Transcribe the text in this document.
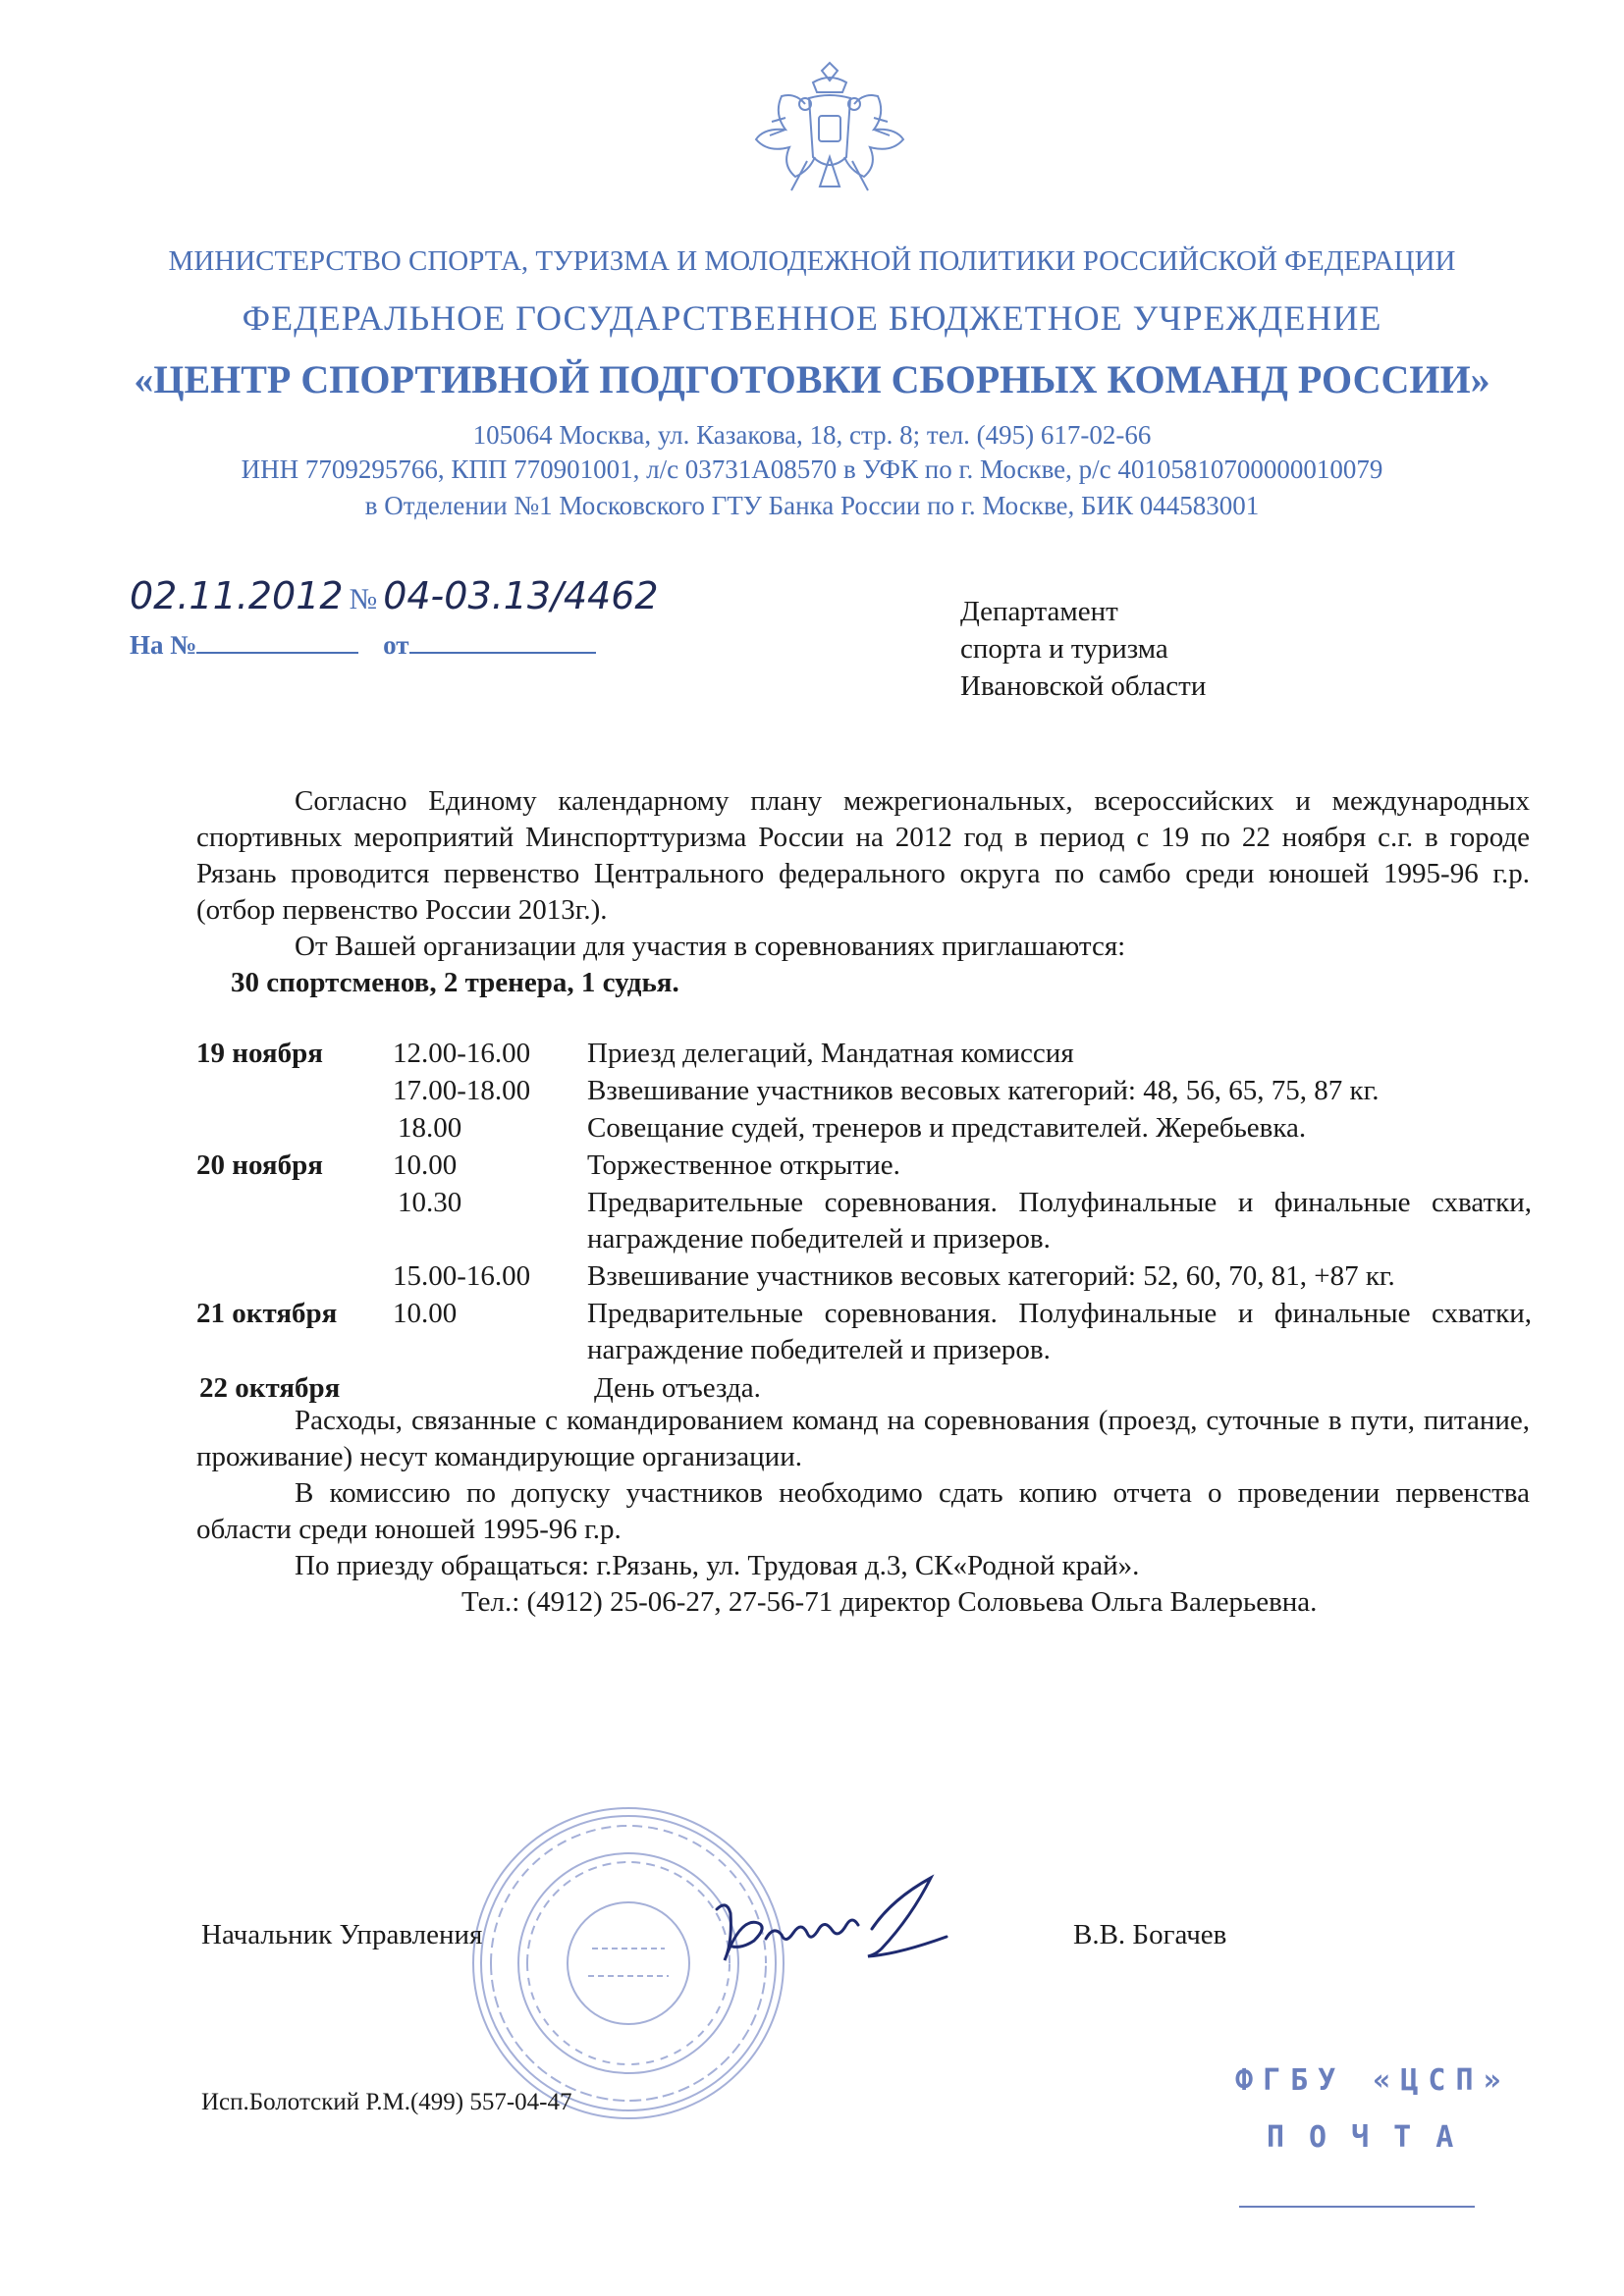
МИНИСТЕРСТВО СПОРТА, ТУРИЗМА И МОЛОДЕЖНОЙ ПОЛИТИКИ РОССИЙСКОЙ ФЕДЕРАЦИИ
ФЕДЕРАЛЬНОЕ ГОСУДАРСТВЕННОЕ БЮДЖЕТНОЕ УЧРЕЖДЕНИЕ
«ЦЕНТР СПОРТИВНОЙ ПОДГОТОВКИ СБОРНЫХ КОМАНД РОССИИ»
105064 Москва, ул. Казакова, 18, стр. 8; тел. (495) 617-02-66
ИНН 7709295766, КПП 770901001, л/с 03731А08570 в УФК по г. Москве, р/с 40105810700000010079
в Отделении №1 Московского ГТУ Банка России по г. Москве, БИК 044583001
02.11.2012 № 04-03.13/4462
На №	от
Департамент
спорта и туризма
Ивановской области

Согласно Единому календарному плану межрегиональных, всероссийских и международных спортивных мероприятий Минспорттуризма России на 2012 год в период с 19 по 22 ноября с.г. в городе Рязань проводится первенство Центрального федерального округа по самбо среди юношей 1995-96 г.р. (отбор первенство России 2013г.).

От Вашей организации для участия в соревнованиях приглашаются:

30 спортсменов, 2 тренера, 1 судья.

19 ноября 12.00-16.00 Приезд делегаций, Мандатная комиссия
17.00-18.00 Взвешивание участников весовых категорий: 48, 56, 65, 75, 87 кг.
18.00	Совещание судей, тренеров и представителей. Жеребьевка.
20 ноября 10.00	Торжественное открытие.
10.30	Предварительные соревнования. Полуфинальные и финальные схватки, награждение победителей и призеров.
15.00-16.00 Взвешивание участников весовых категорий: 52, 60, 70, 81, +87 кг.
21 октября 10.00	Предварительные соревнования. Полуфинальные и финальные схватки, награждение победителей и призеров.
22 октября	День отъезда.

Расходы, связанные с командированием команд на соревнования (проезд, суточные в пути, питание, проживание) несут командирующие организации.

В комиссию по допуску участников необходимо сдать копию отчета о проведении первенства области среди юношей 1995-96 г.р.

По приезду обращаться: г.Рязань, ул. Трудовая д.3, СК«Родной край».

Тел.: (4912) 25-06-27, 27-56-71 директор Соловьева Ольга Валерьевна.

Начальник Управления	В.В. Богачев
Исп.Болотский Р.М.(499) 557-04-47
ФГБУ «ЦСП»
ПОЧТА
